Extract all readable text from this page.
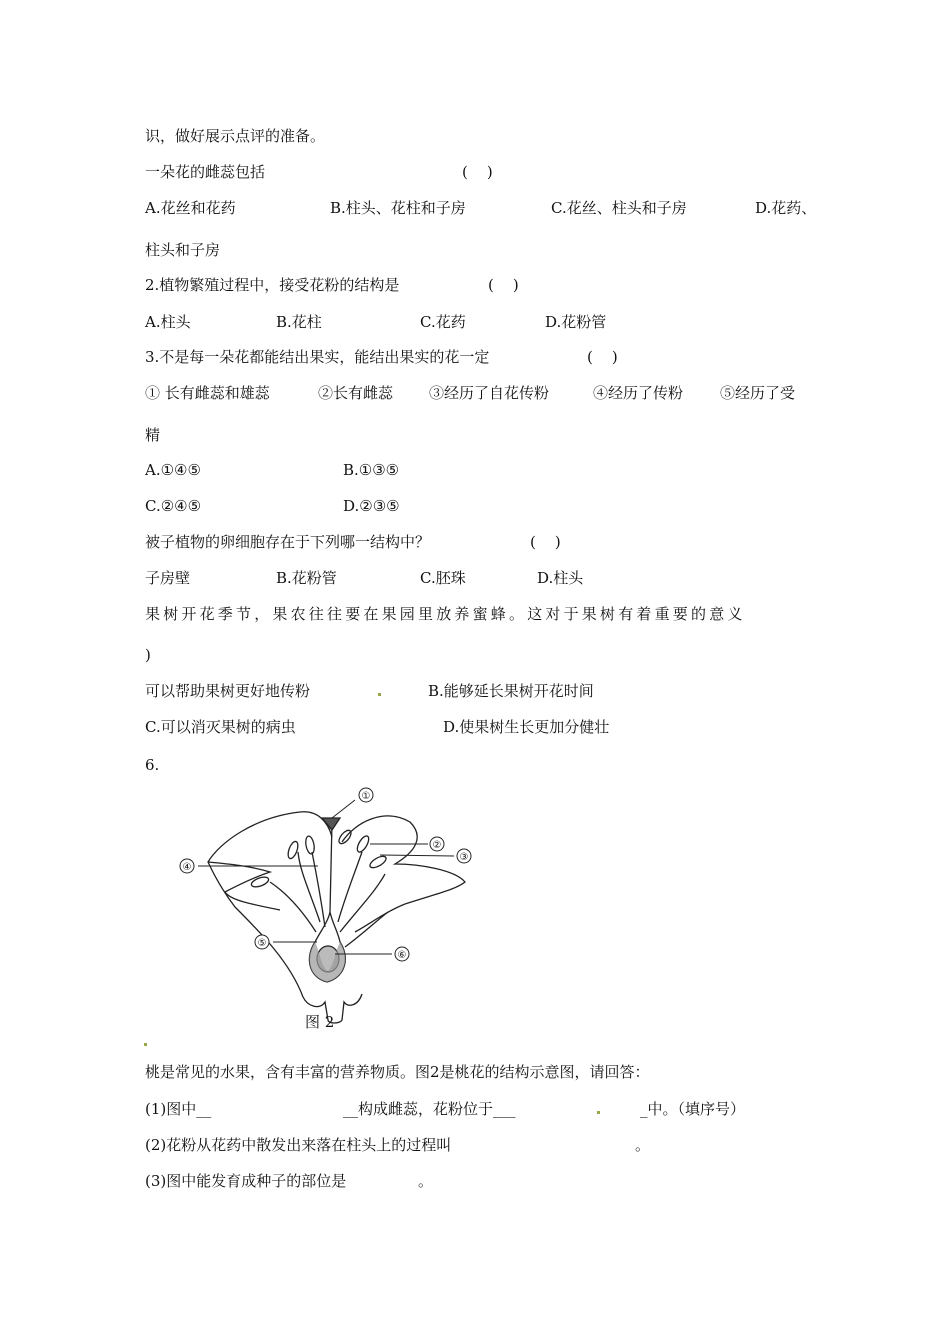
识，做好展示点评的准备。
一朵花的雌蕊包括	(    )
A.花丝和花药	B.柱头、花柱和子房	C.花丝、柱头和子房	D.花药、
柱头和子房
2.植物繁殖过程中，接受花粉的结构是	(    )
A.柱头	B.花柱	C.花药	D.花粉管
3.不是每一朵花都能结出果实，能结出果实的花一定	(    )
① 长有雌蕊和雄蕊	②长有雌蕊 ③经历了自花传粉	④经历了传粉 ⑤经历了受
精
A.①④⑤	B.①③⑤
C.②④⑤	D.②③⑤
被子植物的卵细胞存在于下列哪一结构中？	(    )
子房壁	B.花粉管	C.胚珠	D.柱头
果树开花季节，果农往往要在果园里放养蜜蜂。这对于果树有着重要的意义
)
可以帮助果树更好地传粉	B.能够延长果树开花时间
C.可以消灭果树的病虫	D.使果树生长更加分健壮
6.
①
②
③
④
⑤
⑥
图 2
桃是常见的水果，含有丰富的营养物质。图2是桃花的结构示意图，请回答：
(1)图中__	__构成雌蕊，花粉位于___	_中。（填序号）
(2)花粉从花药中散发出来落在柱头上的过程叫	。
(3)图中能发育成种子的部位是	。
